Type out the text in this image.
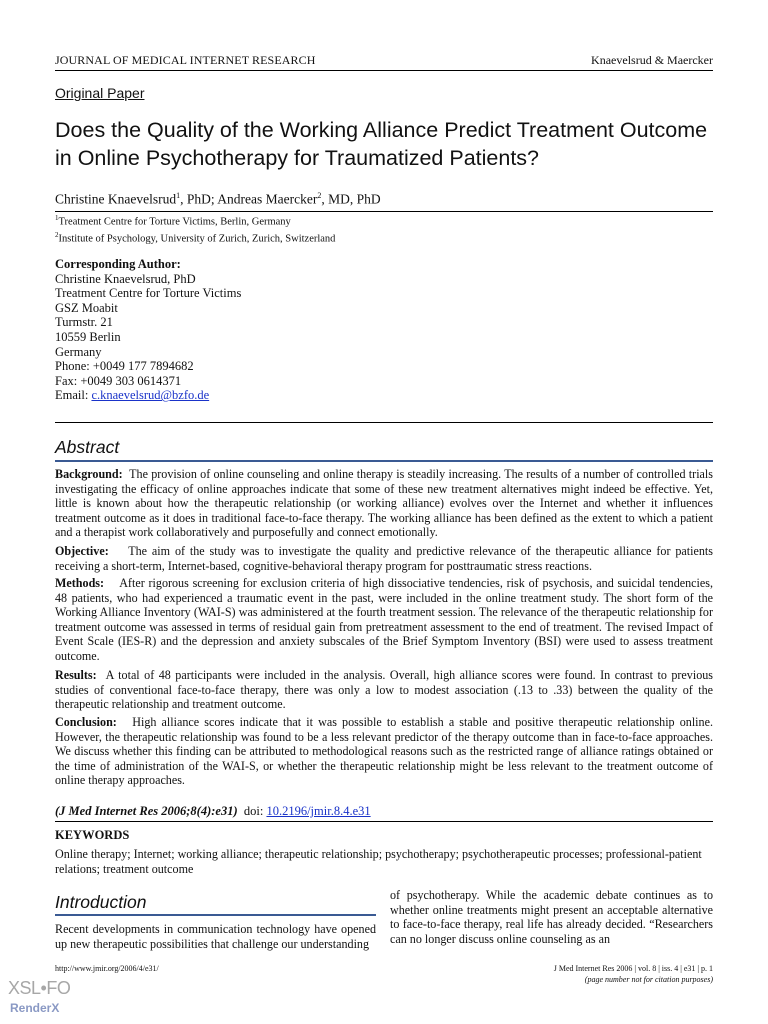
JOURNAL OF MEDICAL INTERNET RESEARCH	Knaevelsrud & Maercker
Original Paper
Does the Quality of the Working Alliance Predict Treatment Outcome in Online Psychotherapy for Traumatized Patients?
Christine Knaevelsrud$^1$, PhD; Andreas Maercker$^2$, MD, PhD
$^1$Treatment Centre for Torture Victims, Berlin, Germany
$^2$Institute of Psychology, University of Zurich, Zurich, Switzerland
Corresponding Author:
Christine Knaevelsrud, PhD
Treatment Centre for Torture Victims
GSZ Moabit
Turmstr. 21
10559 Berlin
Germany
Phone: +0049 177 7894682
Fax: +0049 303 0614371
Email: c.knaevelsrud@bzfo.de
Abstract
Background: The provision of online counseling and online therapy is steadily increasing. The results of a number of controlled trials investigating the efficacy of online approaches indicate that some of these new treatment alternatives might indeed be effective. Yet, little is known about how the therapeutic relationship (or working alliance) evolves over the Internet and whether it influences treatment outcome as it does in traditional face-to-face therapy. The working alliance has been defined as the extent to which a patient and a therapist work collaboratively and purposefully and connect emotionally.
Objective: The aim of the study was to investigate the quality and predictive relevance of the therapeutic alliance for patients receiving a short-term, Internet-based, cognitive-behavioral therapy program for posttraumatic stress reactions.
Methods: After rigorous screening for exclusion criteria of high dissociative tendencies, risk of psychosis, and suicidal tendencies, 48 patients, who had experienced a traumatic event in the past, were included in the online treatment study. The short form of the Working Alliance Inventory (WAI-S) was administered at the fourth treatment session. The relevance of the therapeutic relationship for treatment outcome was assessed in terms of residual gain from pretreatment assessment to the end of treatment. The revised Impact of Event Scale (IES-R) and the depression and anxiety subscales of the Brief Symptom Inventory (BSI) were used to assess treatment outcome.
Results: A total of 48 participants were included in the analysis. Overall, high alliance scores were found. In contrast to previous studies of conventional face-to-face therapy, there was only a low to modest association (.13 to .33) between the quality of the therapeutic relationship and treatment outcome.
Conclusion: High alliance scores indicate that it was possible to establish a stable and positive therapeutic relationship online. However, the therapeutic relationship was found to be a less relevant predictor of the therapy outcome than in face-to-face approaches. We discuss whether this finding can be attributed to methodological reasons such as the restricted range of alliance ratings obtained or the time of administration of the WAI-S, or whether the therapeutic relationship might be less relevant to the treatment outcome of online therapy approaches.
(J Med Internet Res 2006;8(4):e31) doi: 10.2196/jmir.8.4.e31
KEYWORDS
Online therapy; Internet; working alliance; therapeutic relationship; psychotherapy; psychotherapeutic processes; professional-patient relations; treatment outcome
Introduction
Recent developments in communication technology have opened up new therapeutic possibilities that challenge our understanding
of psychotherapy. While the academic debate continues as to whether online treatments might present an acceptable alternative to face-to-face therapy, real life has already decided. “Researchers can no longer discuss online counseling as an
http://www.jmir.org/2006/4/e31/	J Med Internet Res 2006 | vol. 8 | iss. 4 | e31 | p. 1
(page number not for citation purposes)
XSL•FO
RenderX
